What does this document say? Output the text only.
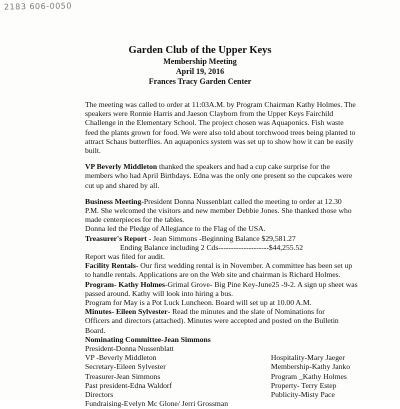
2183 606-0050
Garden Club of the Upper Keys
Membership Meeting
April 19, 2016
Frances Tracy Garden Center
The meeting was called to order at 11:03A.M. by Program Chairman Kathy Holmes. The
speakers were Ronnie Harris and Jaeson Clayborn from the Upper Keys Fairchild
Challenge in the Elementary School. The project chosen was Aquaponics. Fish waste
feed the plants grown for food. We were also told about torchwood trees being planted to
attract Schaus butterflies. An aquaponics system was set up to show how it can be easily
built.
VP Beverly Middleton thanked the speakers and had a cup cake surprise for the
members who had April Birthdays. Edna was the only one present so the cupcakes were
cut up and shared by all.
Business Meeting-President Donna Nussenblatt called the meeting to order at 12.30
P.M. She welcomed the visitors and new member Debbie Jones. She thanked those who
made centerpieces for the tables.
Donna led the Pledge of Allegiance to the Flag of the USA.
Treasurer's Report - Jean Simmons -Beginning Balance $29,581.27
Ending Balance including 2 Cds--------------------$44,255.52
Report was filed for audit.
Facility Rentals- Our first wedding rental is in November. A committee has been set up
to handle rentals. Applications are on the Web site and chairman is Richard Holmes.
Program- Kathy Holmes-Grimal Grove- Big Pine Key-June25 -9-2. A sign up sheet was
passed around. Kathy will look into hiring a bus.
Program for May is a Pot Luck Luncheon. Board will set up at 10.00 A.M.
Minutes- Eileen Sylvester- Read the minutes and the slate of Nominations for
Officers and directors (attached). Minutes were accepted and posted on the Bulletin
Board.
Nominating Committee-Jean Simmons
President-Donna Nussenblatt
VP -Beverly Middleton
Secretary-Eileen Sylvester
Treasurer-Jean Simmons
Past president-Edna Waldorf
Directors
Fundraising-Evelyn Mc Glone/ Jerri Grossman

Hospitality-Mary Jaeger
Membership-Kathy Janko
Program _Kathy Holmes
Property- Terry Estep
Publicity-Misty Pace
